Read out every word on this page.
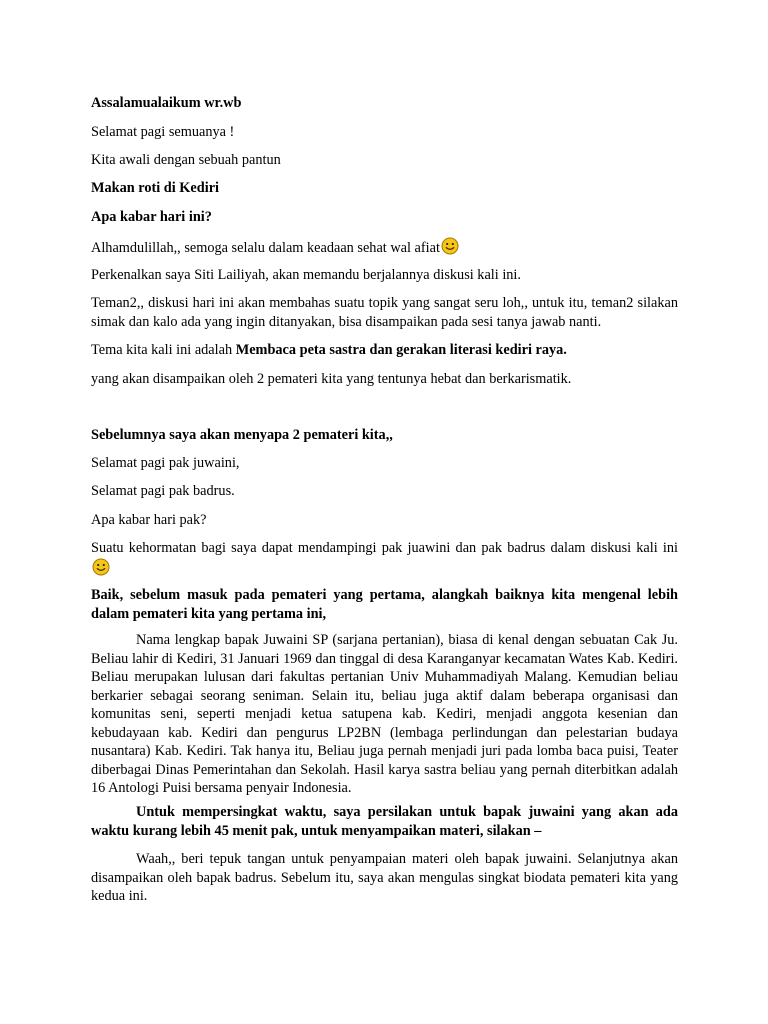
Assalamualaikum wr.wb

Selamat pagi semuanya !

Kita awali dengan sebuah pantun

Makan roti di Kediri

Apa kabar hari ini?

Alhamdulillah,, semoga selalu dalam keadaan sehat wal afiat

Perkenalkan saya Siti Lailiyah, akan memandu berjalannya diskusi kali ini.

Teman2,, diskusi hari ini akan membahas suatu topik yang sangat seru loh,, untuk itu, teman2 silakan simak dan kalo ada yang ingin ditanyakan, bisa disampaikan pada sesi tanya jawab nanti.

Tema kita kali ini adalah Membaca peta sastra dan gerakan literasi kediri raya.

yang akan disampaikan oleh 2 pemateri kita yang tentunya hebat dan berkarismatik.

Sebelumnya saya akan menyapa 2 pemateri kita,,

Selamat pagi pak juwaini,

Selamat pagi pak badrus.

Apa kabar hari pak?

Suatu kehormatan bagi saya dapat mendampingi pak juawini dan pak badrus dalam diskusi kali ini

Baik, sebelum masuk pada pemateri yang pertama, alangkah baiknya kita mengenal lebih dalam pemateri kita yang pertama ini,

Nama lengkap bapak Juwaini SP (sarjana pertanian), biasa di kenal dengan sebuatan Cak Ju. Beliau lahir di Kediri, 31 Januari 1969 dan tinggal di desa Karanganyar kecamatan Wates Kab. Kediri. Beliau merupakan lulusan dari fakultas pertanian Univ Muhammadiyah Malang. Kemudian beliau berkarier sebagai seorang seniman. Selain itu, beliau juga aktif dalam beberapa organisasi dan komunitas seni, seperti menjadi ketua satupena kab. Kediri, menjadi anggota kesenian dan kebudayaan kab. Kediri dan pengurus LP2BN (lembaga perlindungan dan pelestarian budaya nusantara) Kab. Kediri. Tak hanya itu, Beliau juga pernah menjadi juri pada lomba baca puisi, Teater diberbagai Dinas Pemerintahan dan Sekolah. Hasil karya sastra beliau yang pernah diterbitkan adalah 16 Antologi Puisi bersama penyair Indonesia.

Untuk mempersingkat waktu, saya persilakan untuk bapak juwaini yang akan ada waktu kurang lebih 45 menit pak, untuk menyampaikan materi, silakan –

Waah,, beri tepuk tangan untuk penyampaian materi oleh bapak juwaini. Selanjutnya akan disampaikan oleh bapak badrus. Sebelum itu, saya akan mengulas singkat biodata pemateri kita yang kedua ini.
